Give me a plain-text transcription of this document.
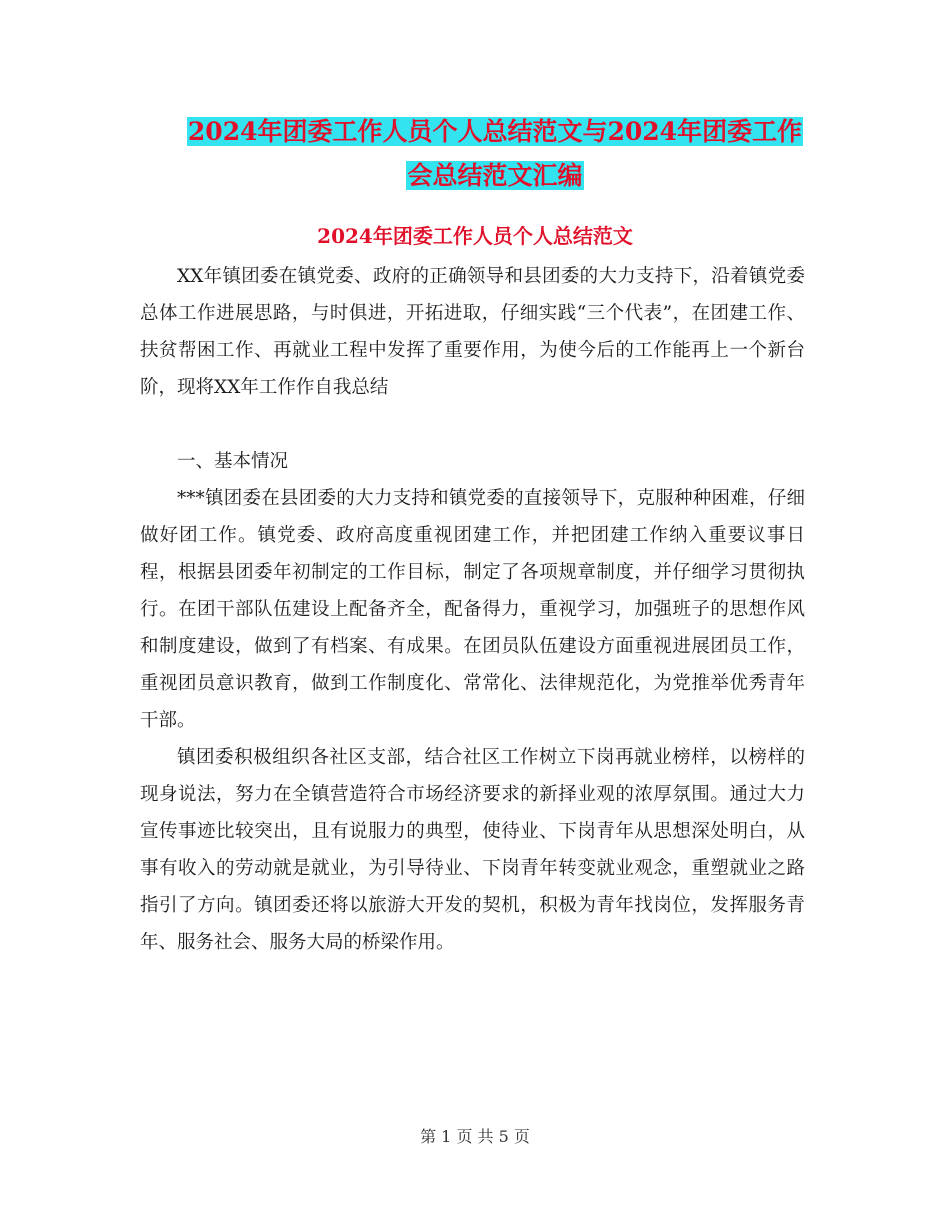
2024年团委工作人员个人总结范文与2024年团委工作
会总结范文汇编
2024年团委工作人员个人总结范文

XX年镇团委在镇党委、政府的正确领导和县团委的大力支持下，沿着镇党委总体工作进展思路，与时俱进，开拓进取，仔细实践“三个代表”，在团建工作、扶贫帮困工作、再就业工程中发挥了重要作用，为使今后的工作能再上一个新台阶，现将XX年工作作自我总结

一、基本情况

***镇团委在县团委的大力支持和镇党委的直接领导下，克服种种困难，仔细做好团工作。镇党委、政府高度重视团建工作，并把团建工作纳入重要议事日程，根据县团委年初制定的工作目标，制定了各项规章制度，并仔细学习贯彻执行。在团干部队伍建设上配备齐全，配备得力，重视学习，加强班子的思想作风和制度建设，做到了有档案、有成果。在团员队伍建设方面重视进展团员工作，重视团员意识教育，做到工作制度化、常常化、法律规范化，为党推举优秀青年干部。

镇团委积极组织各社区支部，结合社区工作树立下岗再就业榜样，以榜样的现身说法，努力在全镇营造符合市场经济要求的新择业观的浓厚氛围。通过大力宣传事迹比较突出，且有说服力的典型，使待业、下岗青年从思想深处明白，从事有收入的劳动就是就业，为引导待业、下岗青年转变就业观念，重塑就业之路指引了方向。镇团委还将以旅游大开发的契机，积极为青年找岗位，发挥服务青年、服务社会、服务大局的桥梁作用。

第 1 页 共 5 页
